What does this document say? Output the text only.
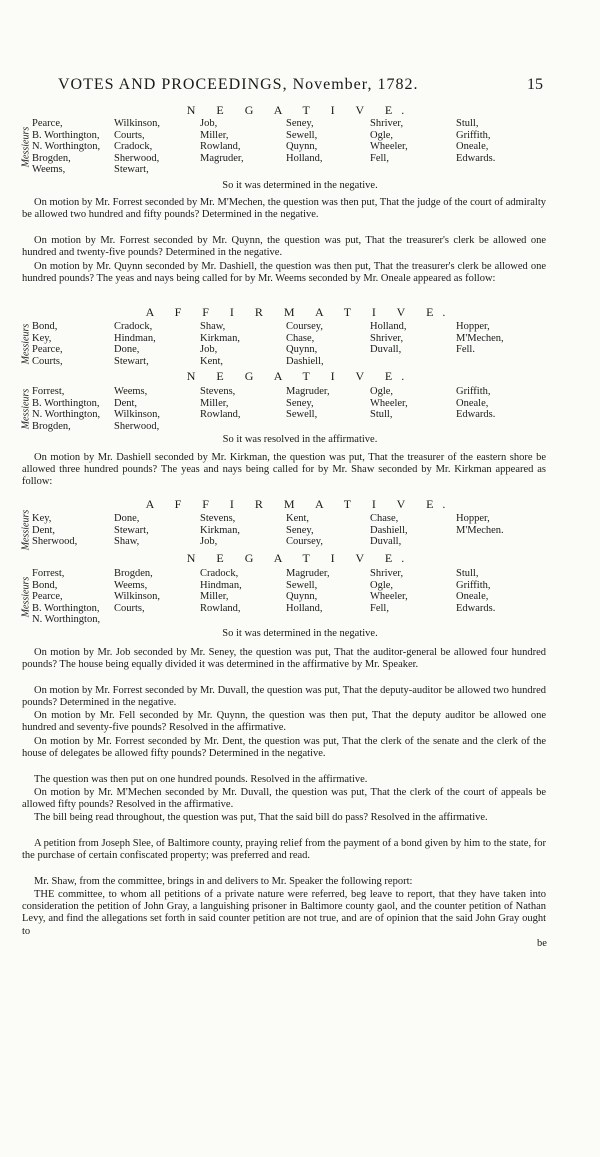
VOTES AND PROCEEDINGS, November, 1782.	15
N E G A T I V E.
Messieurs
Pearce,	Wilkinson,	Job,	Seney,	Shriver,	Stull,
B. Worthington, Courts,	Miller,	Sewell,	Ogle,	Griffith,
N. Worthington, Cradock,	Rowland,	Quynn,	Wheeler,	Oneale,
Brogden,	Sherwood,	Magruder,	Holland,	Fell,	Edwards.
Weems,	Stewart,
So it was determined in the negative.
On motion by Mr. Forrest seconded by Mr. M'Mechen, the question was then put, That the judge of the court of admiralty be allowed two hundred and fifty pounds? Determined in the negative.
On motion by Mr. Forrest seconded by Mr. Quynn, the question was put, That the treasurer's clerk be allowed one hundred and twenty-five pounds? Determined in the negative.
On motion by Mr. Quynn seconded by Mr. Dashiell, the question was then put, That the treasurer's clerk be allowed one hundred pounds? The yeas and nays being called for by Mr. Weems seconded by Mr. Oneale appeared as follow:
A F F I R M A T I V E.
Messieurs Bond,	Cradock,	Shaw,	Coursey,	Holland,	Hopper,
Key,	Hindman,	Kirkman,	Chase,	Shriver,	M'Mechen,
Pearce,	Done,	Job,	Quynn,	Duvall,	Fell.
Courts,	Stewart,	Kent,	Dashiell,
N E G A T I V E.
Messieurs Forrest,	Weems,	Stevens,	Magruder,	Ogle,	Griffith,
B. Worthington, Dent,	Miller,	Seney,	Wheeler,	Oneale,
N. Worthington, Wilkinson,	Rowland,	Sewell,	Stull,	Edwards.
Brogden,	Sherwood,
So it was resolved in the affirmative.
On motion by Mr. Dashiell seconded by Mr. Kirkman, the question was put, That the treasurer of the eastern shore be allowed three hundred pounds? The yeas and nays being called for by Mr. Shaw seconded by Mr. Kirkman appeared as follow:
A F F I R M A T I V E.
Messieurs Key,	Done,	Stevens,	Kent,	Chase,	Hopper,
Dent,	Stewart,	Kirkman,	Seney,	Dashiell,	M'Mechen.
Sherwood,	Shaw,	Job,	Coursey,	Duvall,
N E G A T I V E.
Messieurs
Forrest,	Brogden,	Cradock,	Magruder,	Shriver,	Stull,
Bond,	Weems,	Hindman,	Sewell,	Ogle,	Griffith,
Pearce,	Wilkinson,	Miller,	Quynn,	Wheeler,	Oneale,
B. Worthington, Courts,	Rowland,	Holland,	Fell,	Edwards.
N. Worthington,
So it was determined in the negative.
On motion by Mr. Job seconded by Mr. Seney, the question was put, That the auditor-general be allowed four hundred pounds? The house being equally divided it was determined in the affirmative by Mr. Speaker.
On motion by Mr. Forrest seconded by Mr. Duvall, the question was put, That the deputy-auditor be allowed two hundred pounds? Determined in the negative.
On motion by Mr. Fell seconded by Mr. Quynn, the question was then put, That the deputy auditor be allowed one hundred and seventy-five pounds? Resolved in the affirmative.
On motion by Mr. Forrest seconded by Mr. Dent, the question was put, That the clerk of the senate and the clerk of the house of delegates be allowed fifty pounds? Determined in the negative.
The question was then put on one hundred pounds. Resolved in the affirmative.
On motion by Mr. M'Mechen seconded by Mr. Duvall, the question was put, That the clerk of the court of appeals be allowed fifty pounds? Resolved in the affirmative.
The bill being read throughout, the question was put, That the said bill do pass? Resolved in the affirmative.
A petition from Joseph Slee, of Baltimore county, praying relief from the payment of a bond given by him to the state, for the purchase of certain confiscated property; was preferred and read.
Mr. Shaw, from the committee, brings in and delivers to Mr. Speaker the following report:
THE committee, to whom all petitions of a private nature were referred, beg leave to report, that they have taken into consideration the petition of John Gray, a languishing prisoner in Baltimore county gaol, and the counter petition of Nathan Levy, and find the allegations set forth in said counter petition are not true, and are of opinion that the said John Gray ought to
be
